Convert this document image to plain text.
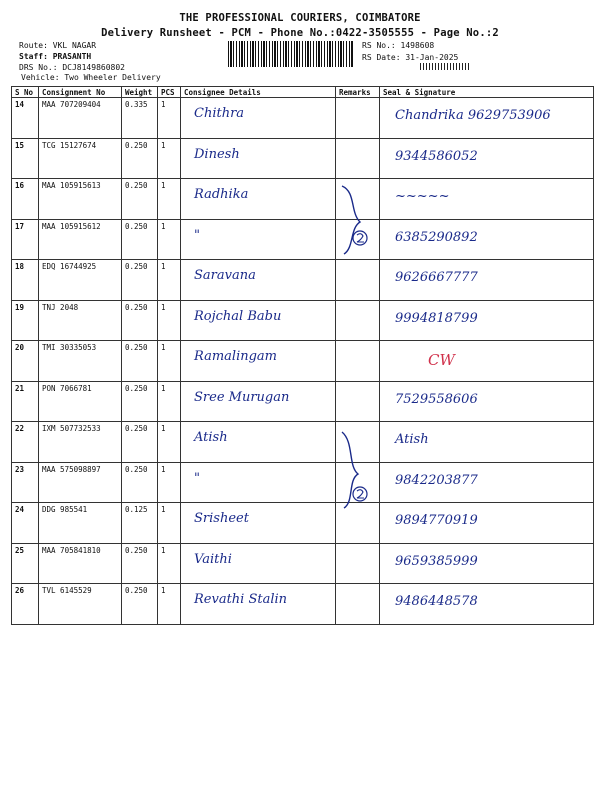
THE PROFESSIONAL COURIERS, COIMBATORE
Delivery Runsheet - PCM - Phone No.:0422-3505555 - Page No.:2
Route: VKL NAGAR
Staff: PRASANTH
DRS No.: DCJ8149860802
Vehicle: Two Wheeler Delivery
RS No.: 1498608
RS Date: 31-Jan-2025
S No	Consignment No	Weight	PCS	Consignee Details	Remarks	Seal & Signature
14	MAA 707209404	0.335	1	Chithra		Chandrika 9629753906

15	TCG 15127674	0.250	1	Dinesh		9344586052

16	MAA 105915613	0.250	1	Radhika		~~~~~

17	MAA 105915612	0.250	1	"		6385290892

18	EDQ 16744925	0.250	1	Saravana		9626667777

19	TNJ 2048	0.250	1	Rojchal Babu		9994818799

20	TMI 30335053	0.250	1	Ramalingam		CW

21	PON 7066781	0.250	1	Sree Murugan		7529558606

22	IXM 507732533	0.250	1	Atish		Atish

23	MAA 575098897	0.250	1	"		9842203877

24	DDG 985541	0.125	1	Srisheet		9894770919

25	MAA 705841810	0.250	1	Vaithi		9659385999

26	TVL 6145529	0.250	1	Revathi Stalin		9486448578
